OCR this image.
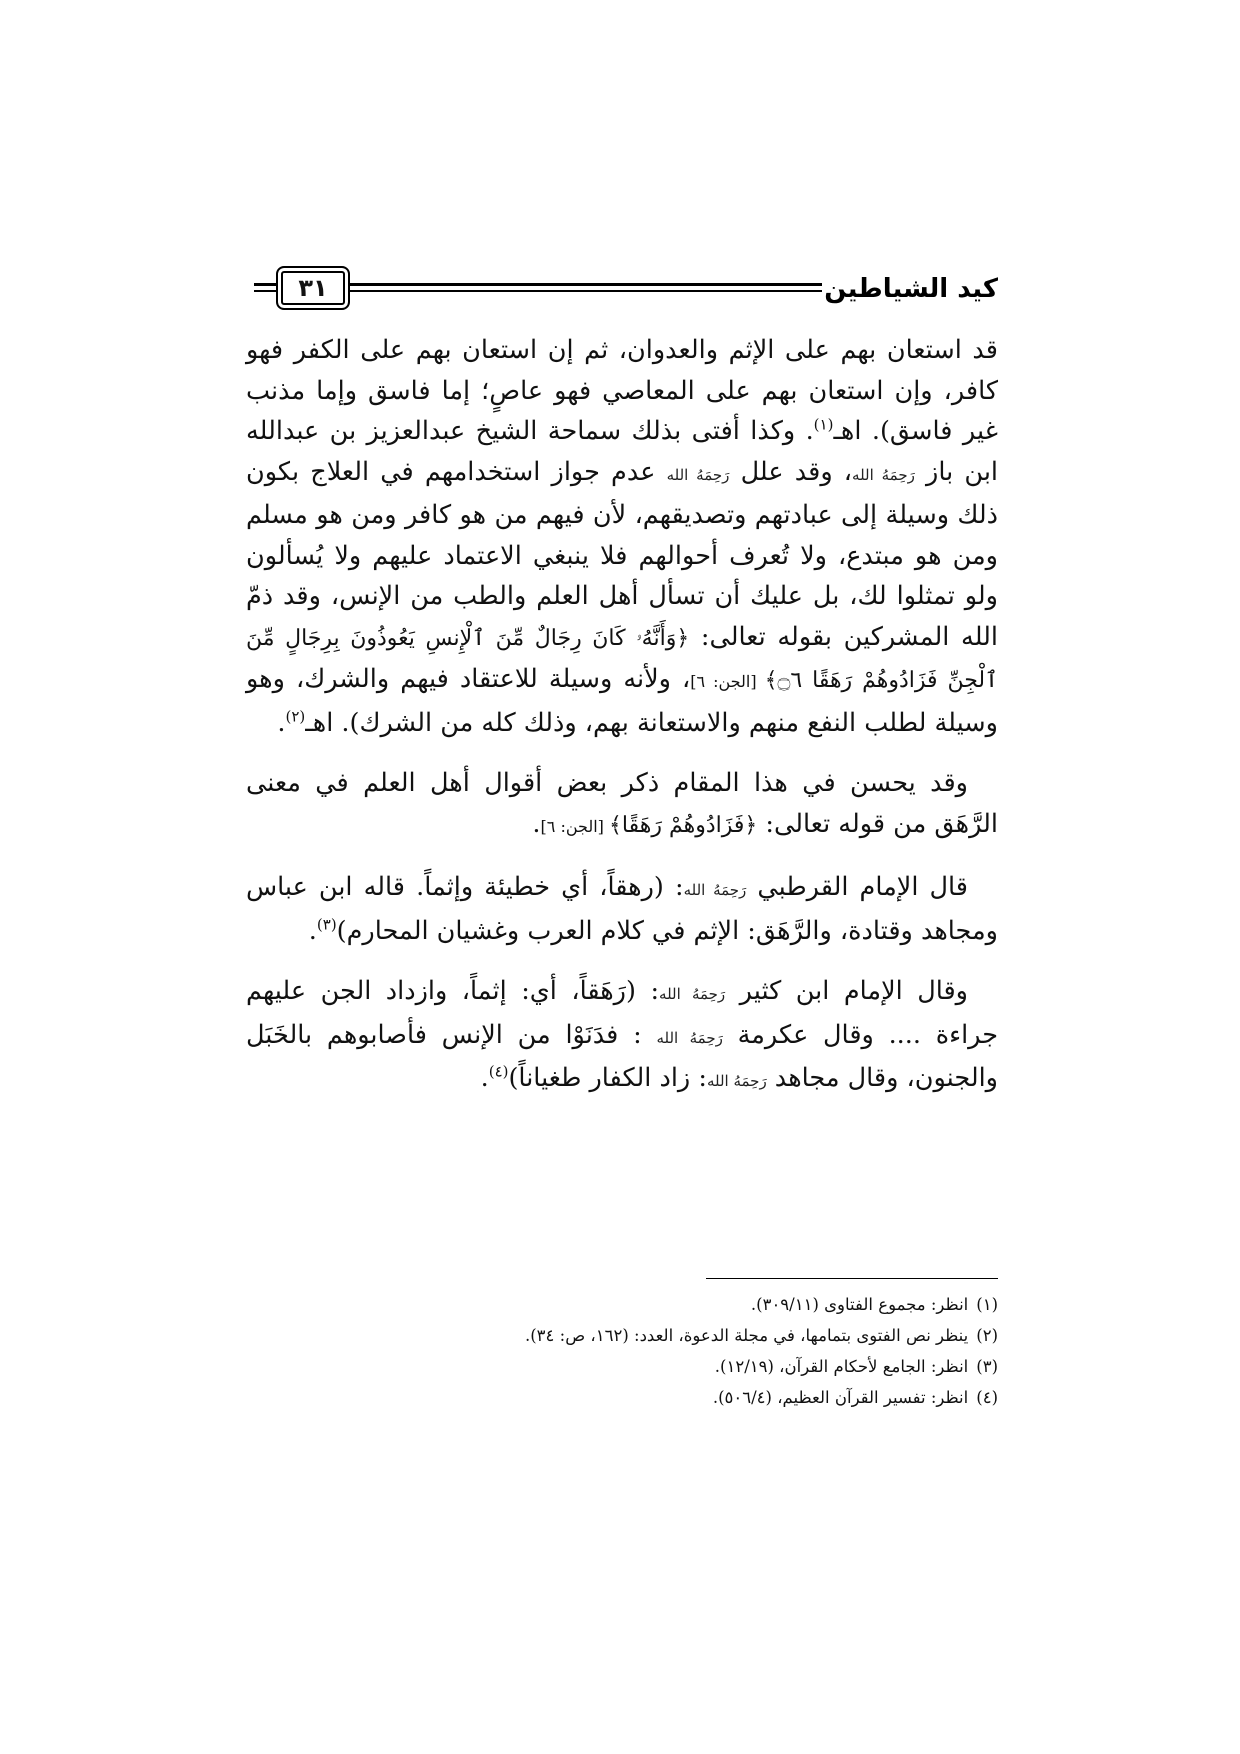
كيد الشياطين
٣١

قد استعان بهم على الإثم والعدوان، ثم إن استعان بهم على الكفر فهو كافر، وإن استعان بهم على المعاصي فهو عاصٍ؛ إما فاسق وإما مذنب غير فاسق). اهـ$^{(١)}$. وكذا أفتى بذلك سماحة الشيخ عبدالعزيز بن عبدالله ابن باز رَحِمَهُ الله، وقد علل رَحِمَهُ الله عدم جواز استخدامهم في العلاج بكون ذلك وسيلة إلى عبادتهم وتصديقهم، لأن فيهم من هو كافر ومن هو مسلم ومن هو مبتدع، ولا تُعرف أحوالهم فلا ينبغي الاعتماد عليهم ولا يُسألون ولو تمثلوا لك، بل عليك أن تسأل أهل العلم والطب من الإنس، وقد ذمّ الله المشركين بقوله تعالى: ﴿وَأَنَّهُۥ كَانَ رِجَالٌ مِّنَ ٱلْإِنسِ يَعُوذُونَ بِرِجَالٍ مِّنَ ٱلْجِنِّ فَزَادُوهُمْ رَهَقًا ۝٦﴾ [الجن: ٦]، ولأنه وسيلة للاعتقاد فيهم والشرك، وهو وسيلة لطلب النفع منهم والاستعانة بهم، وذلك كله من الشرك). اهـ$^{(٢)}$.

وقد يحسن في هذا المقام ذكر بعض أقوال أهل العلم في معنى الرَّهَق من قوله تعالى: ﴿فَزَادُوهُمْ رَهَقًا﴾ [الجن: ٦].

قال الإمام القرطبي رَحِمَهُ الله: (رهقاً، أي خطيئة وإثماً. قاله ابن عباس ومجاهد وقتادة، والرَّهَق: الإثم في كلام العرب وغشيان المحارم)$^{(٣)}$.

وقال الإمام ابن كثير رَحِمَهُ الله: (رَهَقاً، أي: إثماً، وازداد الجن عليهم جراءة .... وقال عكرمة رَحِمَهُ الله : فدَنَوْا من الإنس فأصابوهم بالخَبَل والجنون، وقال مجاهد رَحِمَهُ الله: زاد الكفار طغياناً)$^{(٤)}$.

(١)انظر: مجموع الفتاوى (٣٠٩/١١).

(٢)ينظر نص الفتوى بتمامها، في مجلة الدعوة، العدد: (١٦٢، ص: ٣٤).

(٣)انظر: الجامع لأحكام القرآن، (١٢/١٩).

(٤)انظر: تفسير القرآن العظيم، (٥٠٦/٤).
